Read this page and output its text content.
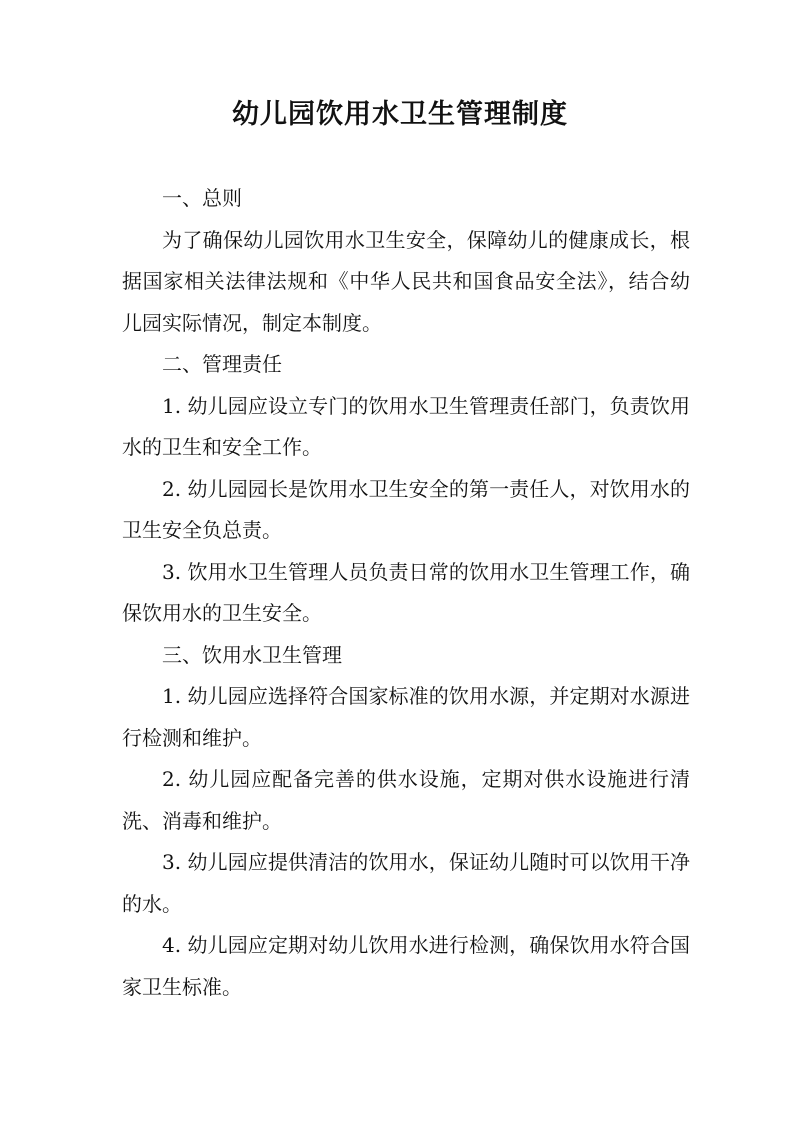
幼儿园饮用水卫生管理制度

一、总则

为了确保幼儿园饮用水卫生安全，保障幼儿的健康成长，根据国家相关法律法规和《中华人民共和国食品安全法》，结合幼儿园实际情况，制定本制度。

二、管理责任

1. 幼儿园应设立专门的饮用水卫生管理责任部门，负责饮用水的卫生和安全工作。

2. 幼儿园园长是饮用水卫生安全的第一责任人，对饮用水的卫生安全负总责。

3. 饮用水卫生管理人员负责日常的饮用水卫生管理工作，确保饮用水的卫生安全。

三、饮用水卫生管理

1. 幼儿园应选择符合国家标准的饮用水源，并定期对水源进行检测和维护。

2. 幼儿园应配备完善的供水设施，定期对供水设施进行清洗、消毒和维护。

3. 幼儿园应提供清洁的饮用水，保证幼儿随时可以饮用干净的水。

4. 幼儿园应定期对幼儿饮用水进行检测，确保饮用水符合国家卫生标准。
